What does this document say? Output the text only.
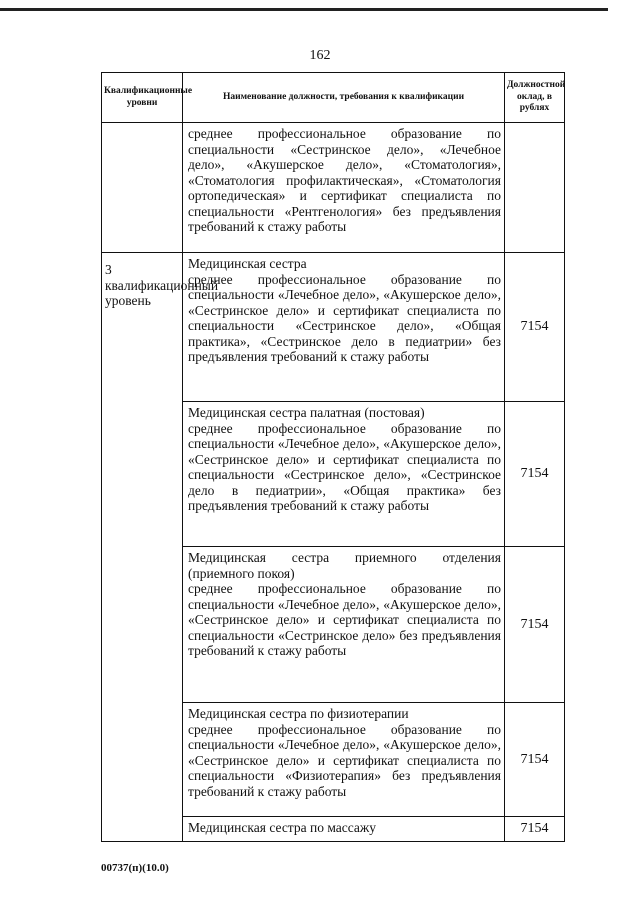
162
Квалификационные уровни	Наименование должности, требования к квалификации	Должностной оклад, в рублях

	среднее профессиональное образование по специальности «Сестринское дело», «Лечебное дело», «Акушерское дело», «Стоматология», «Стоматология профилактическая», «Стоматология ортопедическая» и сертификат специалиста по специальности «Рентгенология» без предъявления требований к стажу работы	

3 квалификационный уровень	Медицинская сестра
среднее профессиональное образование по специальности «Лечебное дело», «Акушерское дело», «Сестринское дело» и сертификат специалиста по специальности «Сестринское дело», «Общая практика», «Сестринское дело в педиатрии» без предъявления требований к стажу работы	7154

	Медицинская сестра палатная (постовая)
среднее профессиональное образование по специальности «Лечебное дело», «Акушерское дело», «Сестринское дело» и сертификат специалиста по специальности «Сестринское дело», «Сестринское дело в педиатрии», «Общая практика» без предъявления требований к стажу работы	7154

	Медицинская сестра приемного отделения (приемного покоя)
среднее профессиональное образование по специальности «Лечебное дело», «Акушерское дело», «Сестринское дело» и сертификат специалиста по специальности «Сестринское дело» без предъявления требований к стажу работы	7154

	Медицинская сестра по физиотерапии
среднее профессиональное образование по специальности «Лечебное дело», «Акушерское дело», «Сестринское дело» и сертификат специалиста по специальности «Физиотерапия» без предъявления требований к стажу работы	7154

	Медицинская сестра по массажу	7154
00737(п)(10.0)
